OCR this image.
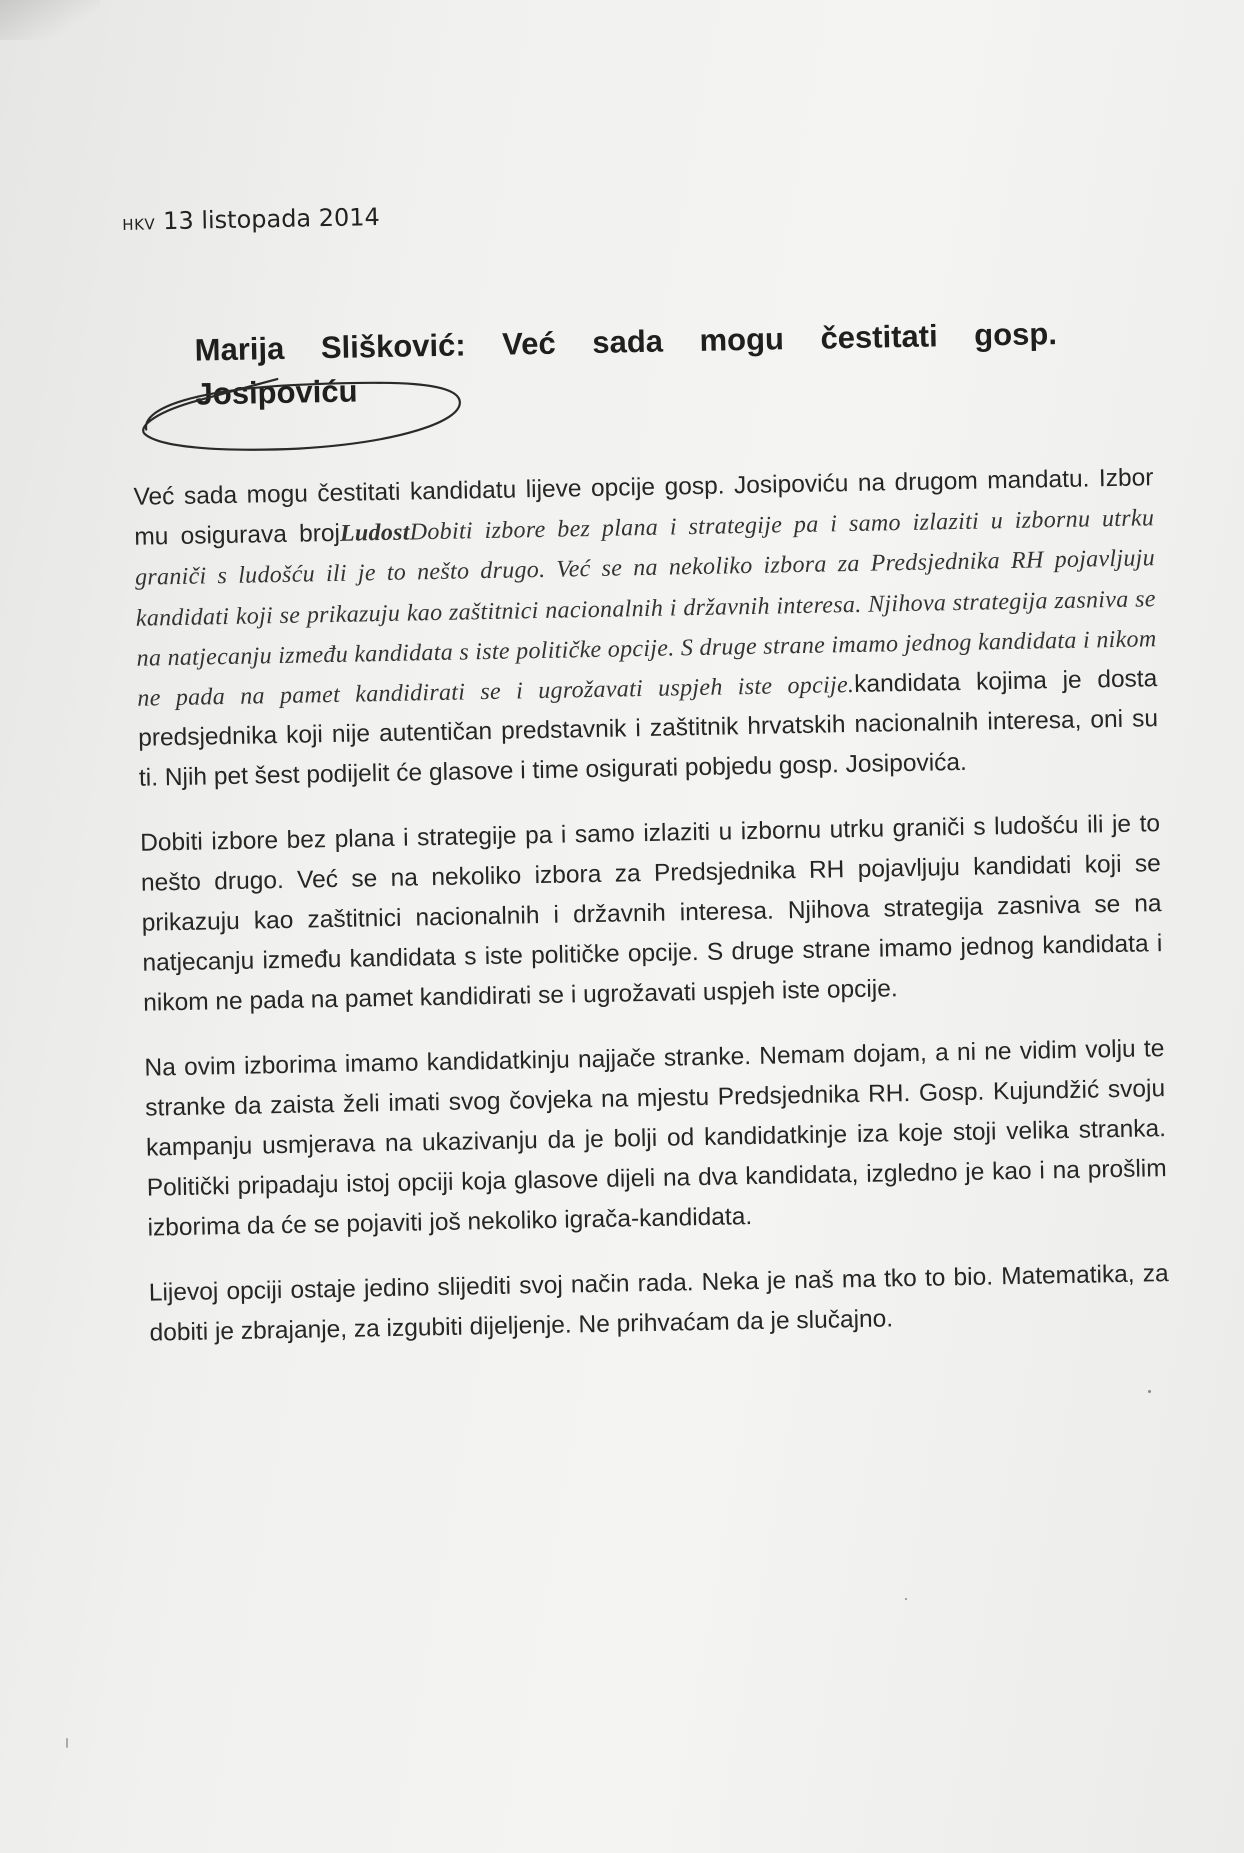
HKV 13 listopada 2014
Marija Slišković: Već sada mogu čestitati gosp.
Josipoviću

Već sada mogu čestitati kandidatu lijeve opcije gosp. Josipoviću na drugom mandatu. Izbor mu osigurava brojLudostDobiti izbore bez plana i strategije pa i samo izlaziti u izbornu utrku graniči s ludošću ili je to nešto drugo. Već se na nekoliko izbora za Predsjednika RH pojavljuju kandidati koji se prikazuju kao zaštitnici nacionalnih i državnih interesa. Njihova strategija zasniva se na natjecanju između kandidata s iste političke opcije. S druge strane imamo jednog kandidata i nikom ne pada na pamet kandidirati se i ugrožavati uspjeh iste opcije.kandidata kojima je dosta predsjednika koji nije autentičan predstavnik i zaštitnik hrvatskih nacionalnih interesa, oni su ti. Njih pet šest podijelit će glasove i time osigurati pobjedu gosp. Josipovića.

Dobiti izbore bez plana i strategije pa i samo izlaziti u izbornu utrku graniči s ludošću ili je to nešto drugo. Već se na nekoliko izbora za Predsjednika RH pojavljuju kandidati koji se prikazuju kao zaštitnici nacionalnih i državnih interesa. Njihova strategija zasniva se na natjecanju između kandidata s iste političke opcije. S druge strane imamo jednog kandidata i nikom ne pada na pamet kandidirati se i ugrožavati uspjeh iste opcije.

Na ovim izborima imamo kandidatkinju najjače stranke. Nemam dojam, a ni ne vidim volju te stranke da zaista želi imati svog čovjeka na mjestu Predsjednika RH. Gosp. Kujundžić svoju kampanju usmjerava na ukazivanju da je bolji od kandidatkinje iza koje stoji velika stranka. Politički pripadaju istoj opciji koja glasove dijeli na dva kandidata, izgledno je kao i na prošlim izborima da će se pojaviti još nekoliko igrača-kandidata.

Lijevoj opciji ostaje jedino slijediti svoj način rada. Neka je naš ma tko to bio. Matematika, za dobiti je zbrajanje, za izgubiti dijeljenje. Ne prihvaćam da je slučajno.
